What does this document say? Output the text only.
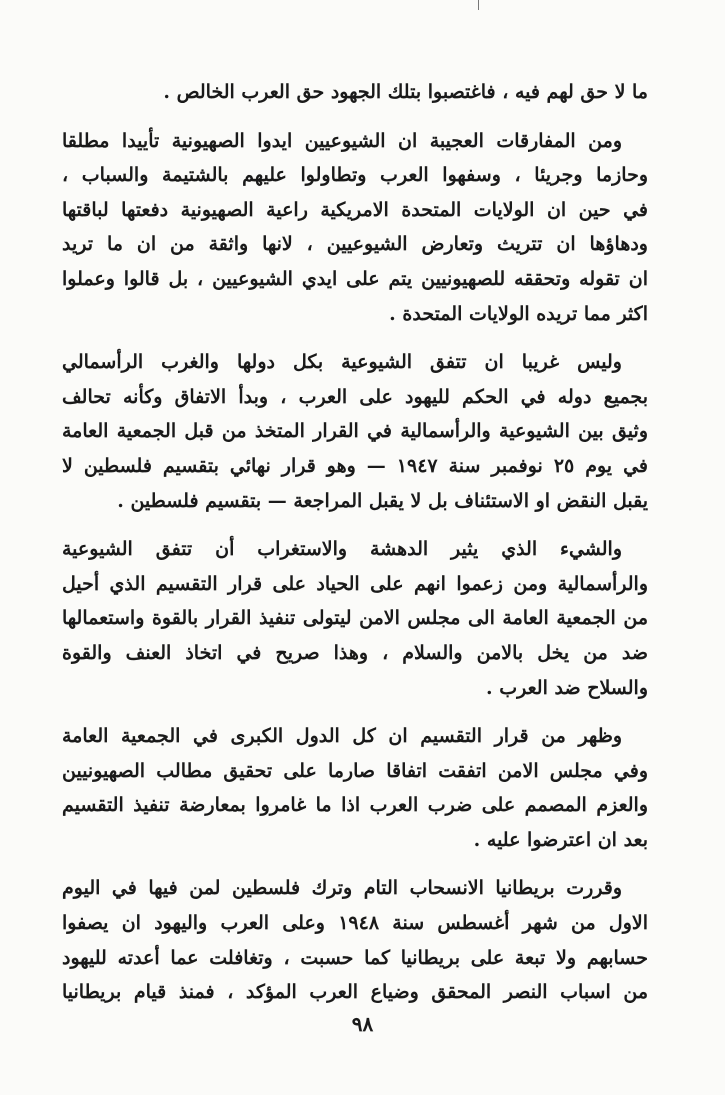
ما لا حق لهم فيه ، فاغتصبوا بتلك الجهود حق العرب الخالص .

ومن المفارقات العجيبة ان الشيوعيين ايدوا الصهيونية تأييدا مطلقا
وحازما وجريئا ، وسفهوا العرب وتطاولوا عليهم بالشتيمة والسباب ،
في حين ان الولايات المتحدة الامريكية راعية الصهيونية دفعتها لباقتها
ودهاؤها ان تتريث وتعارض الشيوعيين ، لانها واثقة من ان ما تريد
ان تقوله وتحققه للصهيونيين يتم على ايدي الشيوعيين ، بل قالوا وعملوا
اكثر مما تريده الولايات المتحدة .

وليس غريبا ان تتفق الشيوعية بكل دولها والغرب الرأسمالي
بجميع دوله في الحكم لليهود على العرب ، وبدأ الاتفاق وكأنه تحالف
وثيق بين الشيوعية والرأسمالية في القرار المتخذ من قبل الجمعية العامة
في يوم ٢٥ نوفمبر سنة ١٩٤٧ — وهو قرار نهائي بتقسيم فلسطين لا
يقبل النقض او الاستئناف بل لا يقبل المراجعة — بتقسيم فلسطين .

والشيء الذي يثير الدهشة والاستغراب أن تتفق الشيوعية
والرأسمالية ومن زعموا انهم على الحياد على قرار التقسيم الذي أحيل
من الجمعية العامة الى مجلس الامن ليتولى تنفيذ القرار بالقوة واستعمالها
ضد من يخل بالامن والسلام ، وهذا صريح في اتخاذ العنف والقوة
والسلاح ضد العرب .

وظهر من قرار التقسيم ان كل الدول الكبرى في الجمعية العامة
وفي مجلس الامن اتفقت اتفاقا صارما على تحقيق مطالب الصهيونيين
والعزم المصمم على ضرب العرب اذا ما غامروا بمعارضة تنفيذ التقسيم
بعد ان اعترضوا عليه .

وقررت بريطانيا الانسحاب التام وترك فلسطين لمن فيها في اليوم
الاول من شهر أغسطس سنة ١٩٤٨ وعلى العرب واليهود ان يصفوا
حسابهم ولا تبعة على بريطانيا كما حسبت ، وتغافلت عما أعدته لليهود
من اسباب النصر المحقق وضياع العرب المؤكد ، فمنذ قيام بريطانيا

٩٨
